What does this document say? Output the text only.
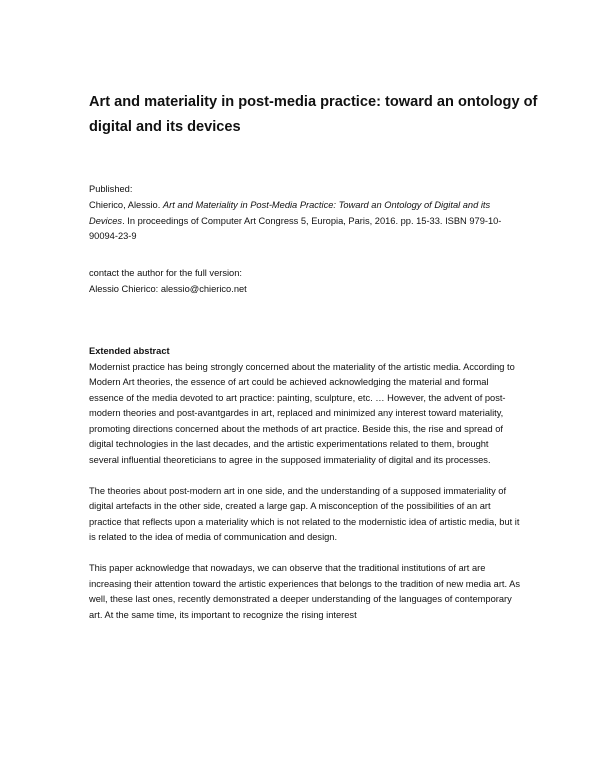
Art and materiality in post-media practice: toward an ontology of digital and its devices
Published:
Chierico, Alessio. Art and Materiality in Post-Media Practice: Toward an Ontology of Digital and its Devices. In proceedings of Computer Art Congress 5, Europia, Paris, 2016. pp. 15-33. ISBN 979-10-90094-23-9

contact the author for the full version:

Alessio Chierico: alessio@chierico.net

Extended abstract

Modernist practice has being strongly concerned about the materiality of the artistic media. According to Modern Art theories, the essence of art could be achieved acknowledging the material and formal essence of the media devoted to art practice: painting, sculpture, etc. … However, the advent of post-modern theories and post-avantgardes in art, replaced and minimized any interest toward materiality, promoting directions concerned about the methods of art practice. Beside this, the rise and spread of digital technologies in the last decades, and the artistic experimentations related to them, brought several influential theoreticians to agree in the supposed immateriality of digital and its processes.

The theories about post-modern art in one side, and the understanding of a supposed immateriality of digital artefacts in the other side, created a large gap. A misconception of the possibilities of an art practice that reflects upon a materiality which is not related to the modernistic idea of artistic media, but it is related to the idea of media of communication and design.

This paper acknowledge that nowadays, we can observe that the traditional institutions of art are increasing their attention toward the artistic experiences that belongs to the tradition of new media art. As well, these last ones, recently demonstrated a deeper understanding of the languages of contemporary art. At the same time, its important to recognize the rising interest
